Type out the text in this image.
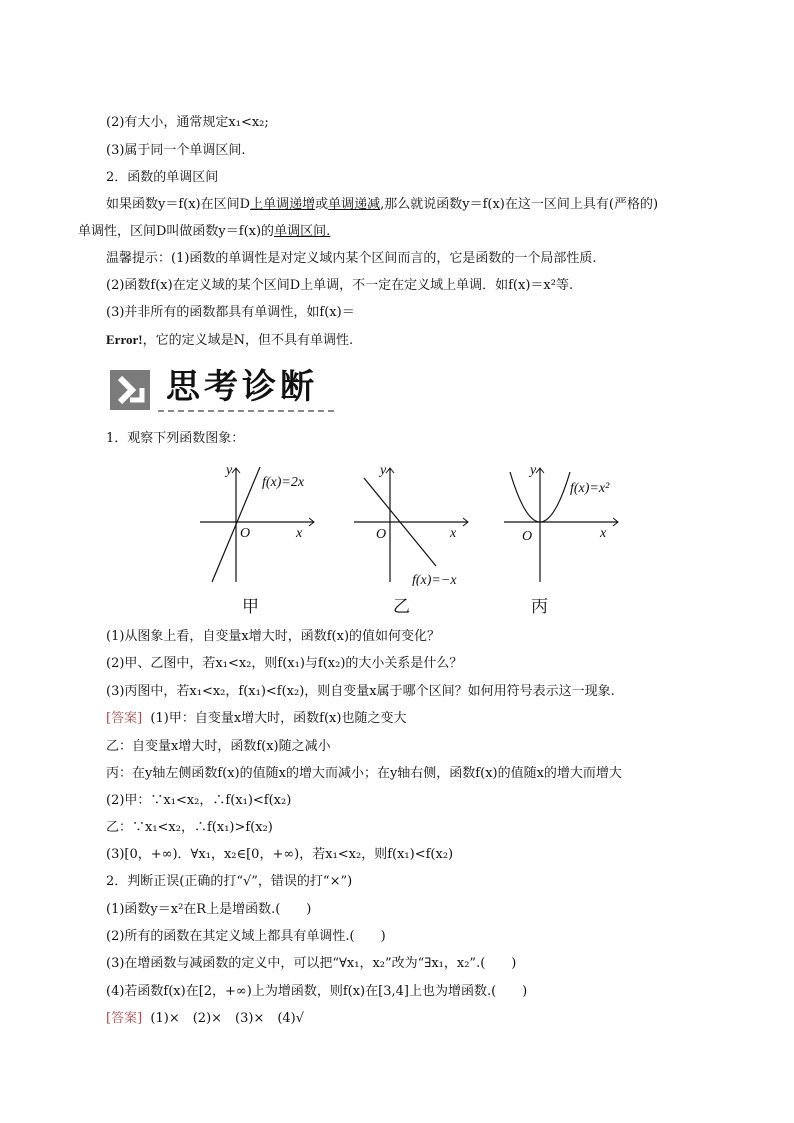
(2)有大小，通常规定x₁<x₂;
(3)属于同一个单调区间.
2．函数的单调区间
如果函数y＝f(x)在区间D上单调递增或单调递减,那么就说函数y＝f(x)在这一区间上具有(严格的)
单调性，区间D叫做函数y＝f(x)的单调区间.
温馨提示：(1)函数的单调性是对定义域内某个区间而言的，它是函数的一个局部性质.
(2)函数f(x)在定义域的某个区间D上单调，不一定在定义域上单调．如f(x)＝x²等.
(3)并非所有的函数都具有单调性，如f(x)＝
Error!，它的定义域是N，但不具有单调性.
思考诊断
1．观察下列函数图象：
y
x
O
f(x)=2x
甲
y
x
O
f(x)=−x
乙
y
x
O
f(x)=x²
丙
(1)从图象上看，自变量x增大时，函数f(x)的值如何变化？
(2)甲、乙图中，若x₁<x₂，则f(x₁)与f(x₂)的大小关系是什么？
(3)丙图中，若x₁<x₂，f(x₁)<f(x₂)，则自变量x属于哪个区间？如何用符号表示这一现象.
[答案] (1)甲：自变量x增大时，函数f(x)也随之变大
乙：自变量x增大时，函数f(x)随之减小
丙：在y轴左侧函数f(x)的值随x的增大而减小；在y轴右侧，函数f(x)的值随x的增大而增大
(2)甲：∵x₁<x₂，∴f(x₁)<f(x₂)
乙：∵x₁<x₂，∴f(x₁)>f(x₂)
(3)[0，+∞)．∀x₁，x₂∈[0，+∞)，若x₁<x₂，则f(x₁)<f(x₂)
2．判断正误(正确的打“√”，错误的打“×”)
(1)函数y＝x²在R上是增函数.(　　)
(2)所有的函数在其定义域上都具有单调性.(　　)
(3)在增函数与减函数的定义中，可以把“∀x₁，x₂”改为“∃x₁，x₂”.(　　)
(4)若函数f(x)在[2，+∞)上为增函数，则f(x)在[3,4]上也为增函数.(　　)
[答案] (1)×　(2)×　(3)×　(4)√
